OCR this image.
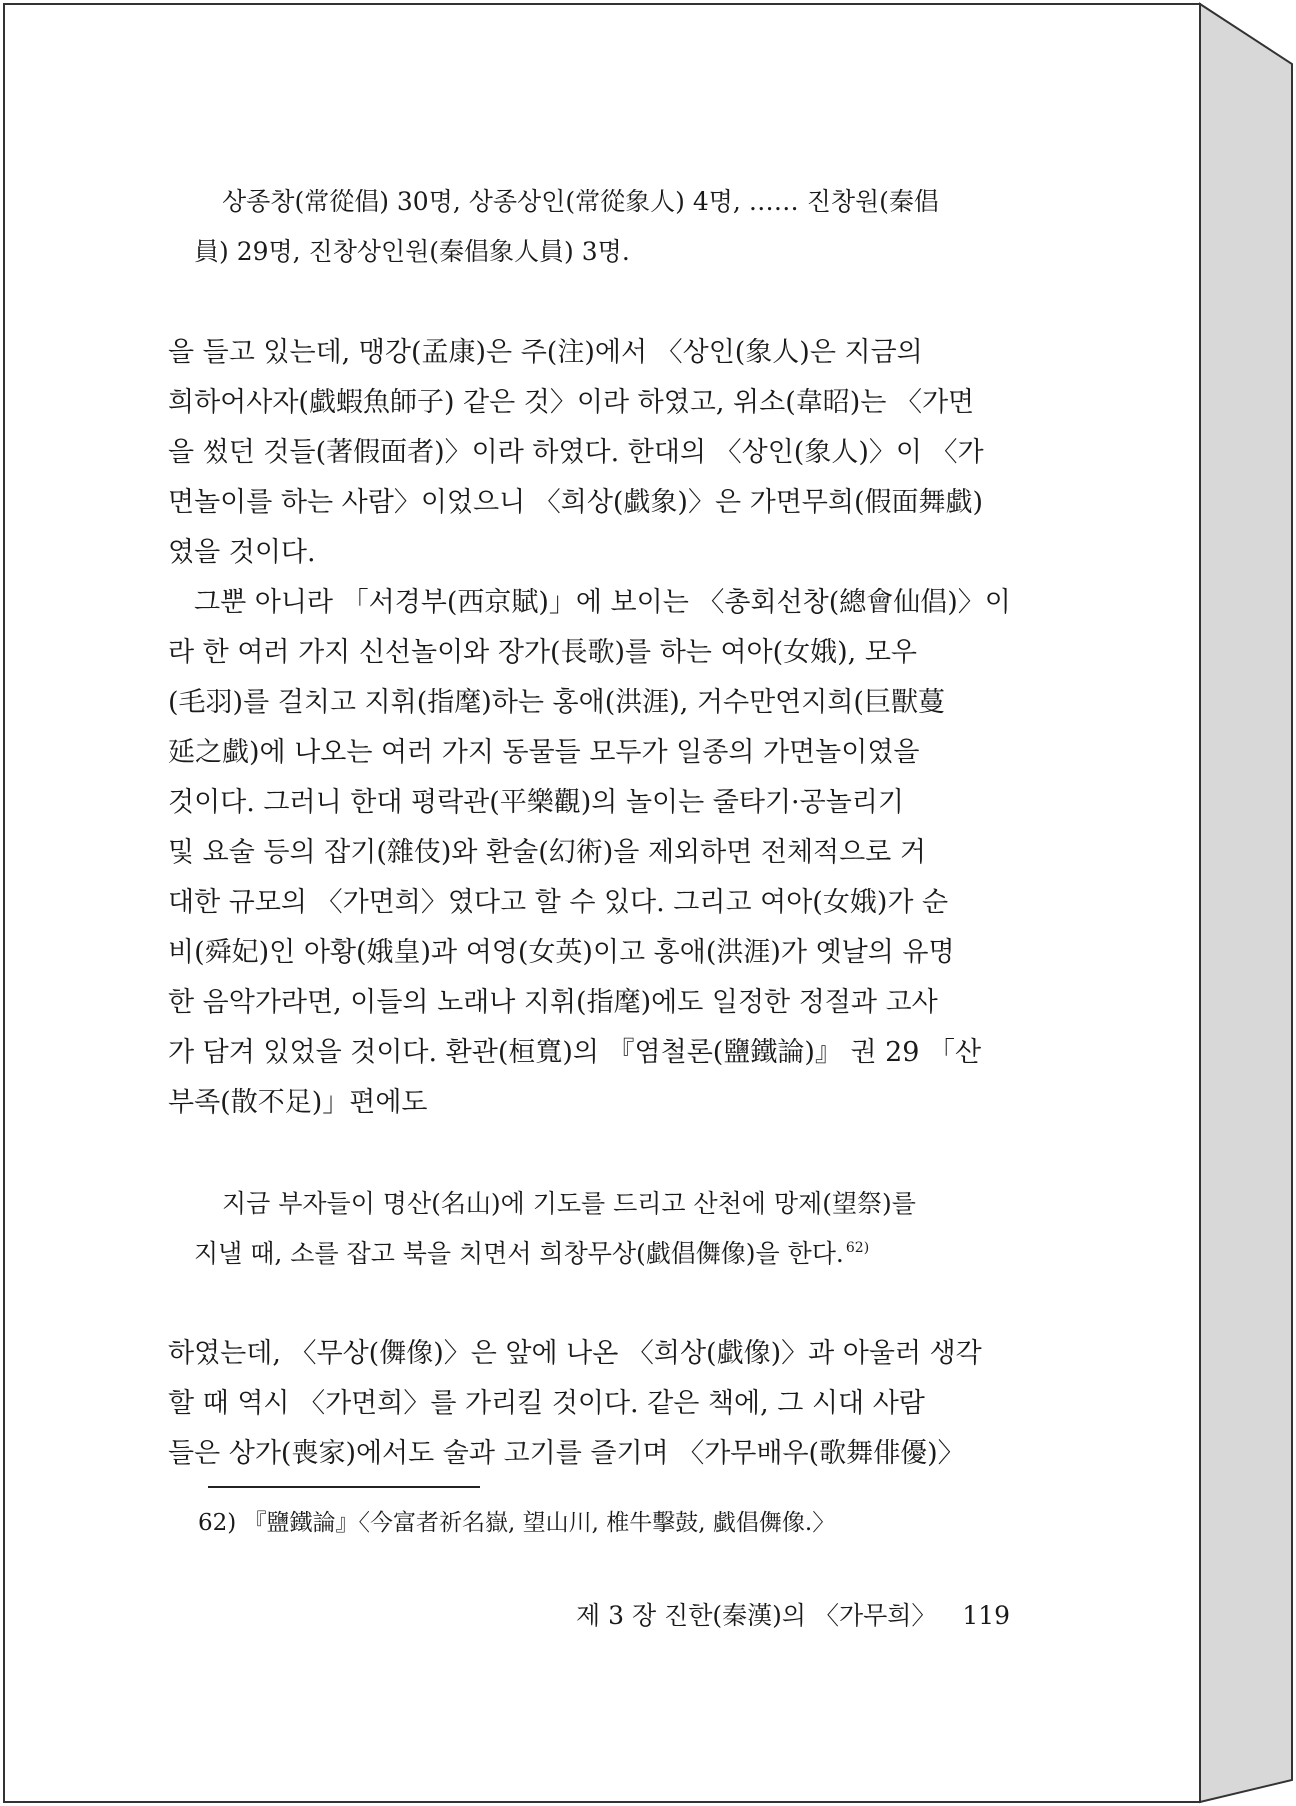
상종창(常從倡) 30명, 상종상인(常從象人) 4명, …… 진창원(秦倡
員) 29명, 진창상인원(秦倡象人員) 3명.
을 들고 있는데, 맹강(孟康)은 주(注)에서 〈상인(象人)은 지금의
희하어사자(戱蝦魚師子) 같은 것〉이라 하였고, 위소(韋昭)는 〈가면
을 썼던 것들(著假面者)〉이라 하였다. 한대의 〈상인(象人)〉이 〈가
면놀이를 하는 사람〉이었으니 〈희상(戱象)〉은 가면무희(假面舞戱)
였을 것이다.
그뿐 아니라 「서경부(西京賦)」에 보이는 〈총회선창(總會仙倡)〉이
라 한 여러 가지 신선놀이와 장가(長歌)를 하는 여아(女娥), 모우
(毛羽)를 걸치고 지휘(指麾)하는 홍애(洪涯), 거수만연지희(巨獸蔓
延之戱)에 나오는 여러 가지 동물들 모두가 일종의 가면놀이였을
것이다. 그러니 한대 평락관(平樂觀)의 놀이는 줄타기·공놀리기
및 요술 등의 잡기(雜伎)와 환술(幻術)을 제외하면 전체적으로 거
대한 규모의 〈가면희〉였다고 할 수 있다. 그리고 여아(女娥)가 순
비(舜妃)인 아황(娥皇)과 여영(女英)이고 홍애(洪涯)가 옛날의 유명
한 음악가라면, 이들의 노래나 지휘(指麾)에도 일정한 정절과 고사
가 담겨 있었을 것이다. 환관(桓寬)의 『염철론(鹽鐵論)』 권 29 「산
부족(散不足)」편에도
지금 부자들이 명산(名山)에 기도를 드리고 산천에 망제(望祭)를
지낼 때, 소를 잡고 북을 치면서 희창무상(戱倡儛像)을 한다. $^{62)}$
하였는데, 〈무상(儛像)〉은 앞에 나온 〈희상(戱像)〉과 아울러 생각
할 때 역시 〈가면희〉를 가리킬 것이다. 같은 책에, 그 시대 사람
들은 상가(喪家)에서도 술과 고기를 즐기며 〈가무배우(歌舞俳優)〉
62) 『鹽鐵論』〈今富者祈名嶽, 望山川, 椎牛擊鼓, 戱倡儛像.〉
제 3 장 진한(秦漢)의 〈가무희〉 119
